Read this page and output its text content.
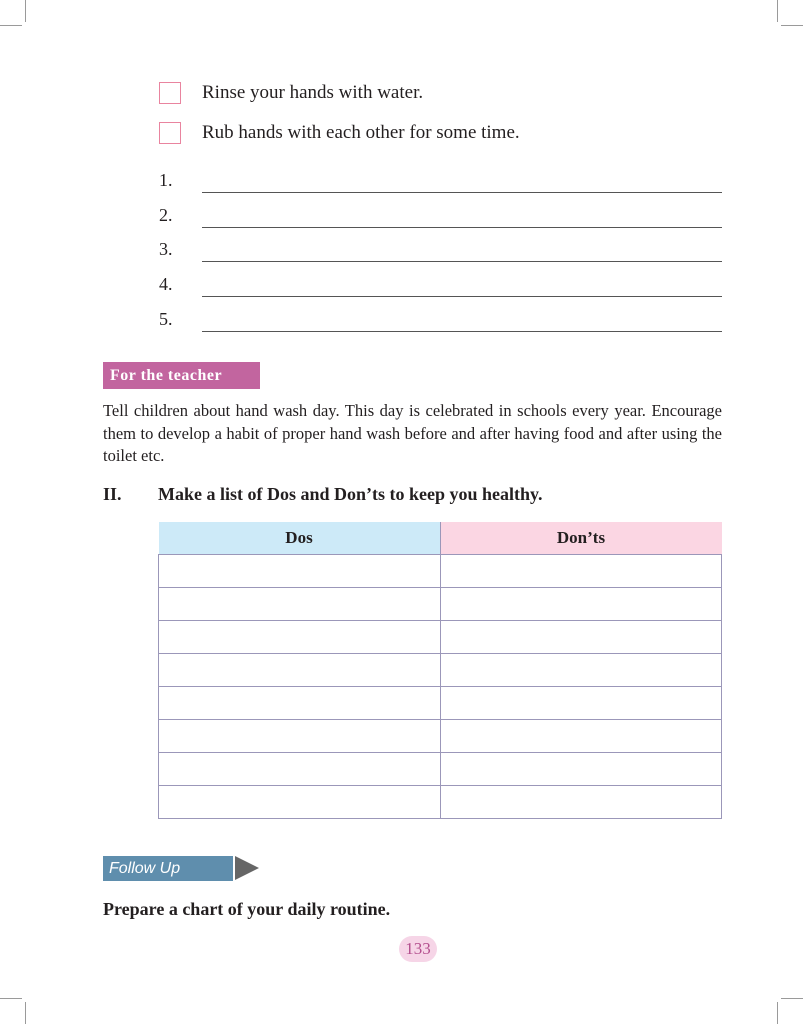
Rinse your hands with water.
Rub hands with each other for some time.
1.
2.
3.
4.
5.
For the teacher

Tell children about hand wash day. This day is celebrated in schools every year. Encourage them to develop a habit of proper hand wash before and after having food and after using the toilet etc.

II. Make a list of Dos and Don’ts to keep you healthy.
Dos	Don’ts

Follow Up
Prepare a chart of your daily routine.
133
